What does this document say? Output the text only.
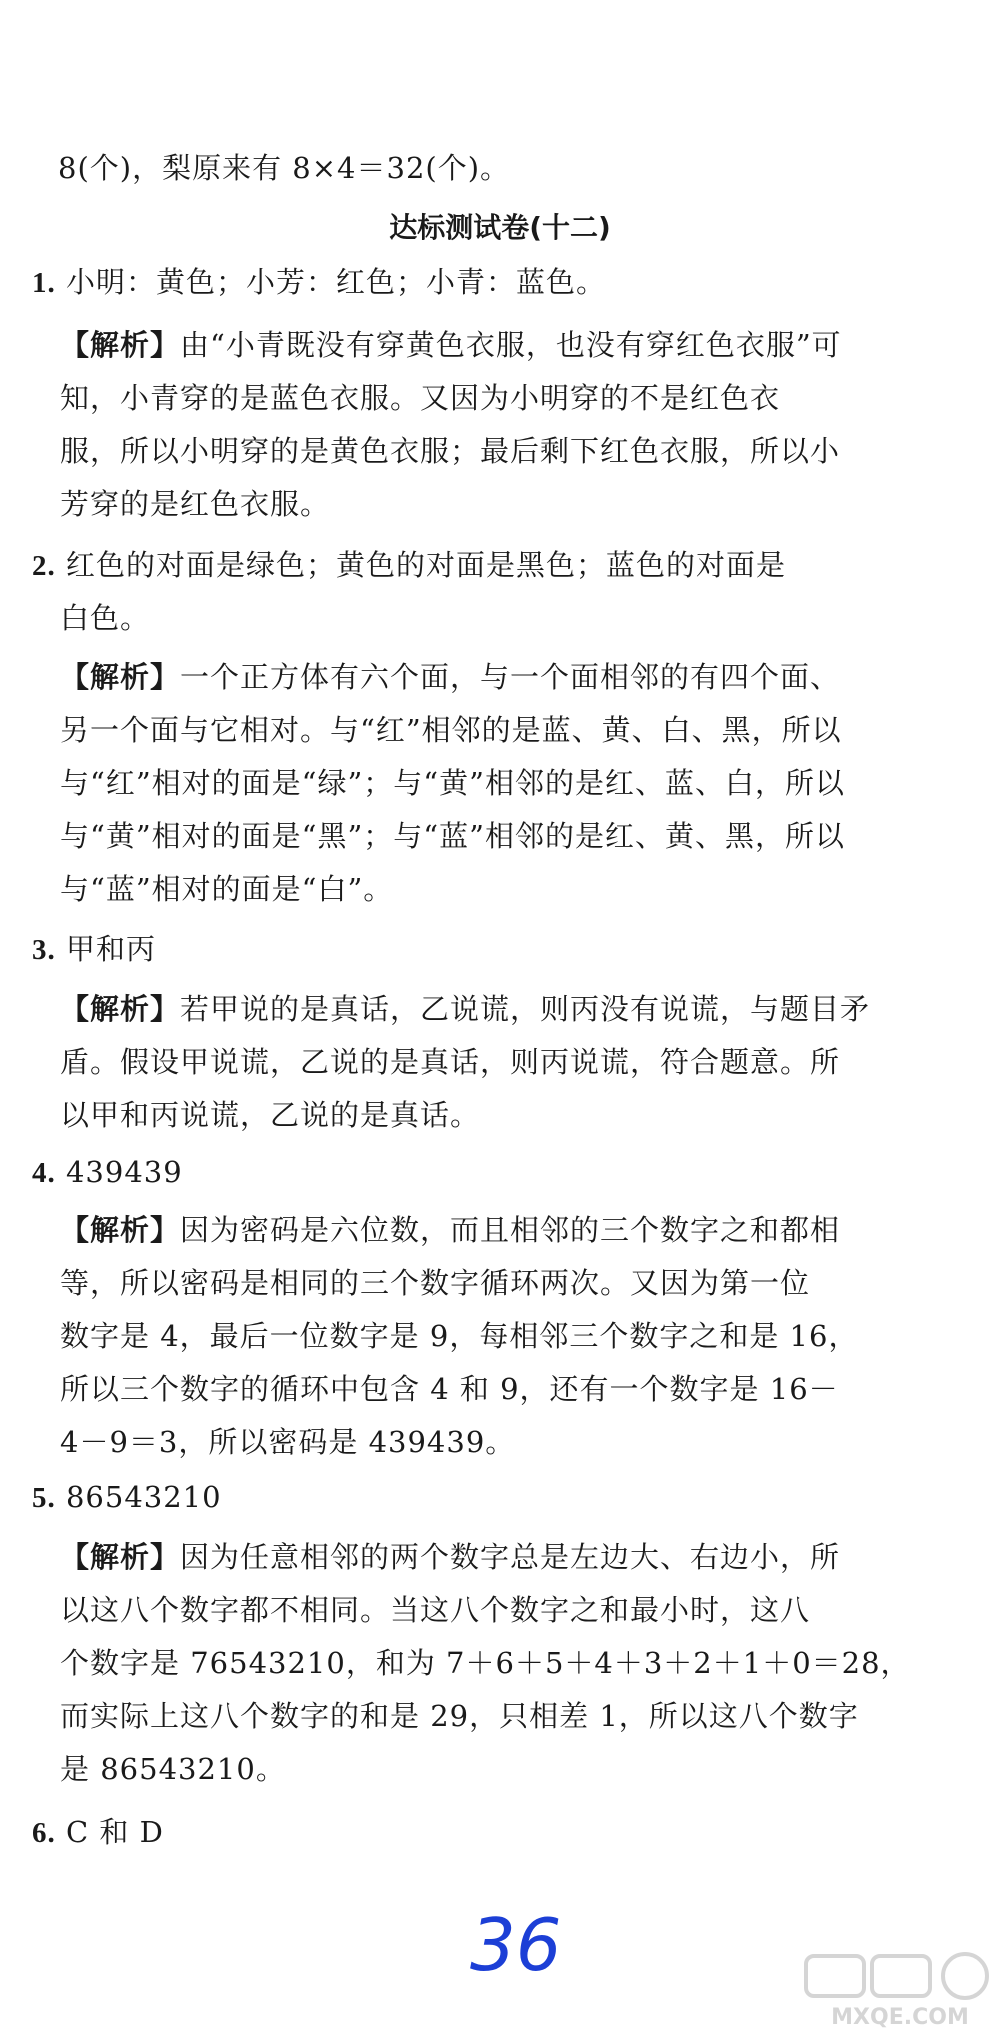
8(个)，梨原来有 8×4＝32(个)。
达标测试卷(十二)
1. 小明：黄色；小芳：红色；小青：蓝色。
【解析】由“小青既没有穿黄色衣服，也没有穿红色衣服”可
知，小青穿的是蓝色衣服。又因为小明穿的不是红色衣
服，所以小明穿的是黄色衣服；最后剩下红色衣服，所以小
芳穿的是红色衣服。
2. 红色的对面是绿色；黄色的对面是黑色；蓝色的对面是
白色。
【解析】一个正方体有六个面，与一个面相邻的有四个面、
另一个面与它相对。与“红”相邻的是蓝、黄、白、黑，所以
与“红”相对的面是“绿”；与“黄”相邻的是红、蓝、白，所以
与“黄”相对的面是“黑”；与“蓝”相邻的是红、黄、黑，所以
与“蓝”相对的面是“白”。
3. 甲和丙
【解析】若甲说的是真话，乙说谎，则丙没有说谎，与题目矛
盾。假设甲说谎，乙说的是真话，则丙说谎，符合题意。所
以甲和丙说谎，乙说的是真话。
4. 439439
【解析】因为密码是六位数，而且相邻的三个数字之和都相
等，所以密码是相同的三个数字循环两次。又因为第一位
数字是 4，最后一位数字是 9，每相邻三个数字之和是 16，
所以三个数字的循环中包含 4 和 9，还有一个数字是 16－
4－9＝3，所以密码是 439439。
5. 86543210
【解析】因为任意相邻的两个数字总是左边大、右边小，所
以这八个数字都不相同。当这八个数字之和最小时，这八
个数字是 76543210，和为 7＋6＋5＋4＋3＋2＋1＋0＝28，
而实际上这八个数字的和是 29，只相差 1，所以这八个数字
是 86543210。
6. C 和 D
36
MXQE.COM
